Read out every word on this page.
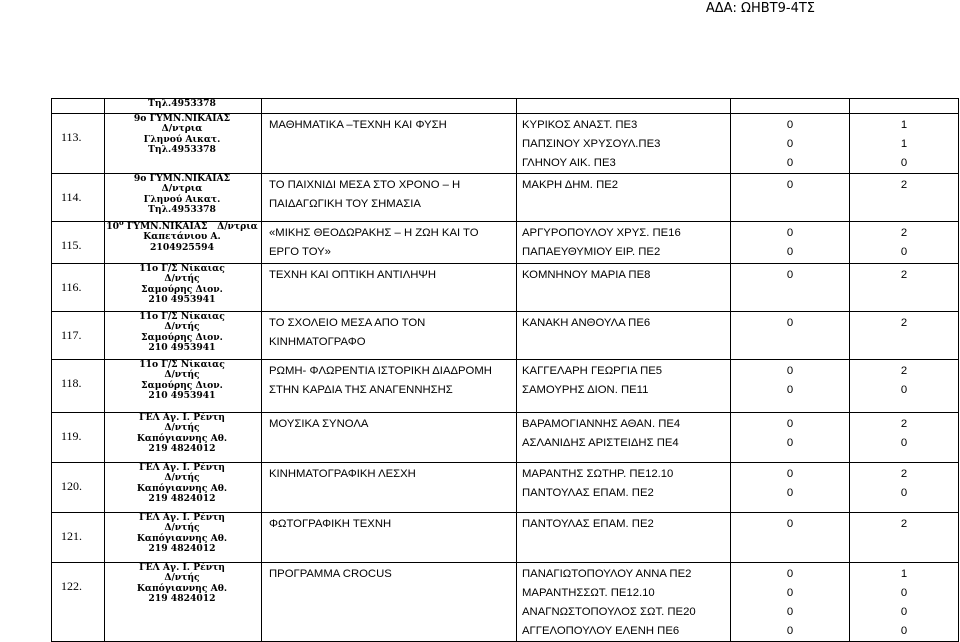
ΑΔΑ: ΩΗΒΤ9-4ΤΣ

	Τηλ.4953378				

113.	9ο ΓΥΜΝ.ΝΙΚΑΙΑΣ
Δ/ντρια
Γληνού Αικατ.
Τηλ.4953378	ΜΑΘΗΜΑΤΙΚΑ –ΤΕΧΝΗ ΚΑΙ ΦΥΣΗ	ΚΥΡΙΚΟΣ ΑΝΑΣΤ. ΠΕ3
ΠΑΠΣΙΝΟΥ ΧΡΥΣΟΥΛ.ΠΕ3
ΓΛΗΝΟΥ ΑΙΚ. ΠΕ3	0
0
0	1
1
0

114.	9ο ΓΥΜΝ.ΝΙΚΑΙΑΣ
Δ/ντρια
Γληνού Αικατ.
Τηλ.4953378	ΤΟ ΠΑΙΧΝΙΔΙ ΜΕΣΑ ΣΤΟ ΧΡΟΝΟ – Η
ΠΑΙΔΑΓΩΓΙΚΗ ΤΟΥ ΣΗΜΑΣΙΑ	ΜΑΚΡΗ ΔΗΜ. ΠΕ2	0	2

115.	$10^o$ ΓΥΜΝ.ΝΙΚΑΙΑΣ   Δ/ντρια
Καπετάνιου Α.
2104925594	«ΜΙΚΗΣ ΘΕΟΔΩΡΑΚΗΣ – Η ΖΩΗ ΚΑΙ ΤΟ
ΕΡΓΟ ΤΟΥ»	ΑΡΓΥΡΟΠΟΥΛΟΥ ΧΡΥΣ. ΠΕ16
ΠΑΠΑΕΥΘΥΜΙΟΥ ΕΙΡ. ΠΕ2	0
0	2
0

116.	11ο Γ/Σ Νίκαιας
Δ/ντής
Σαμούρης Διον.
210 4953941	ΤΕΧΝΗ ΚΑΙ ΟΠΤΙΚΗ ΑΝΤΙΛΗΨΗ	ΚΟΜΝΗΝΟΥ ΜΑΡΙΑ ΠΕ8	0	2

117.	11ο Γ/Σ Νίκαιας
Δ/ντής
Σαμούρης Διον.
210 4953941	ΤΟ ΣΧΟΛΕΙΟ ΜΕΣΑ ΑΠΟ ΤΟΝ
ΚΙΝΗΜΑΤΟΓΡΑΦΟ	ΚΑΝΑΚΗ ΑΝΘΟΥΛΑ ΠΕ6	0	2

118.	11ο Γ/Σ Νίκαιας
Δ/ντής
Σαμούρης Διον.
210 4953941	ΡΩΜΗ- ΦΛΩΡΕΝΤΙΑ ΙΣΤΟΡΙΚΗ ΔΙΑΔΡΟΜΗ
ΣΤΗΝ ΚΑΡΔΙΑ ΤΗΣ ΑΝΑΓΕΝΝΗΣΗΣ	ΚΑΓΓΕΛΑΡΗ ΓΕΩΡΓΙΑ ΠΕ5
ΣΑΜΟΥΡΗΣ ΔΙΟΝ. ΠΕ11	0
0	2
0

119.	ΓΕΛ Αγ. Ι. Ρέντη
Δ/ντής
Καπόγιαννης Αθ.
219 4824012	ΜΟΥΣΙΚΑ ΣΥΝΟΛΑ	ΒΑΡΑΜΟΓΙΑΝΝΗΣ ΑΘΑΝ. ΠΕ4
ΑΣΛΑΝΙΔΗΣ ΑΡΙΣΤΕΙΔΗΣ ΠΕ4	0
0	2
0

120.	ΓΕΛ Αγ. Ι. Ρέντη
Δ/ντής
Καπόγιαννης Αθ.
219 4824012	ΚΙΝΗΜΑΤΟΓΡΑΦΙΚΗ ΛΕΣΧΗ	ΜΑΡΑΝΤΗΣ ΣΩΤΗΡ. ΠΕ12.10
ΠΑΝΤΟΥΛΑΣ ΕΠΑΜ. ΠΕ2	0
0	2
0

121.	ΓΕΛ Αγ. Ι. Ρέντη
Δ/ντής
Καπόγιαννης Αθ.
219 4824012	ΦΩΤΟΓΡΑΦΙΚΗ ΤΕΧΝΗ	ΠΑΝΤΟΥΛΑΣ ΕΠΑΜ. ΠΕ2	0	2

122.	ΓΕΛ Αγ. Ι. Ρέντη
Δ/ντής
Καπόγιαννης Αθ.
219 4824012	ΠΡΟΓΡΑΜΜΑ CROCUS	ΠΑΝΑΓΙΩΤΟΠΟΥΛΟΥ ΑΝΝΑ ΠΕ2
ΜΑΡΑΝΤΗΣΣΩΤ. ΠΕ12.10
ΑΝΑΓΝΩΣΤΟΠΟΥΛΟΣ ΣΩΤ. ΠΕ20
ΑΓΓΕΛΟΠΟΥΛΟΥ ΕΛΕΝΗ ΠΕ6	0
0
0
0	1
0
0
0
